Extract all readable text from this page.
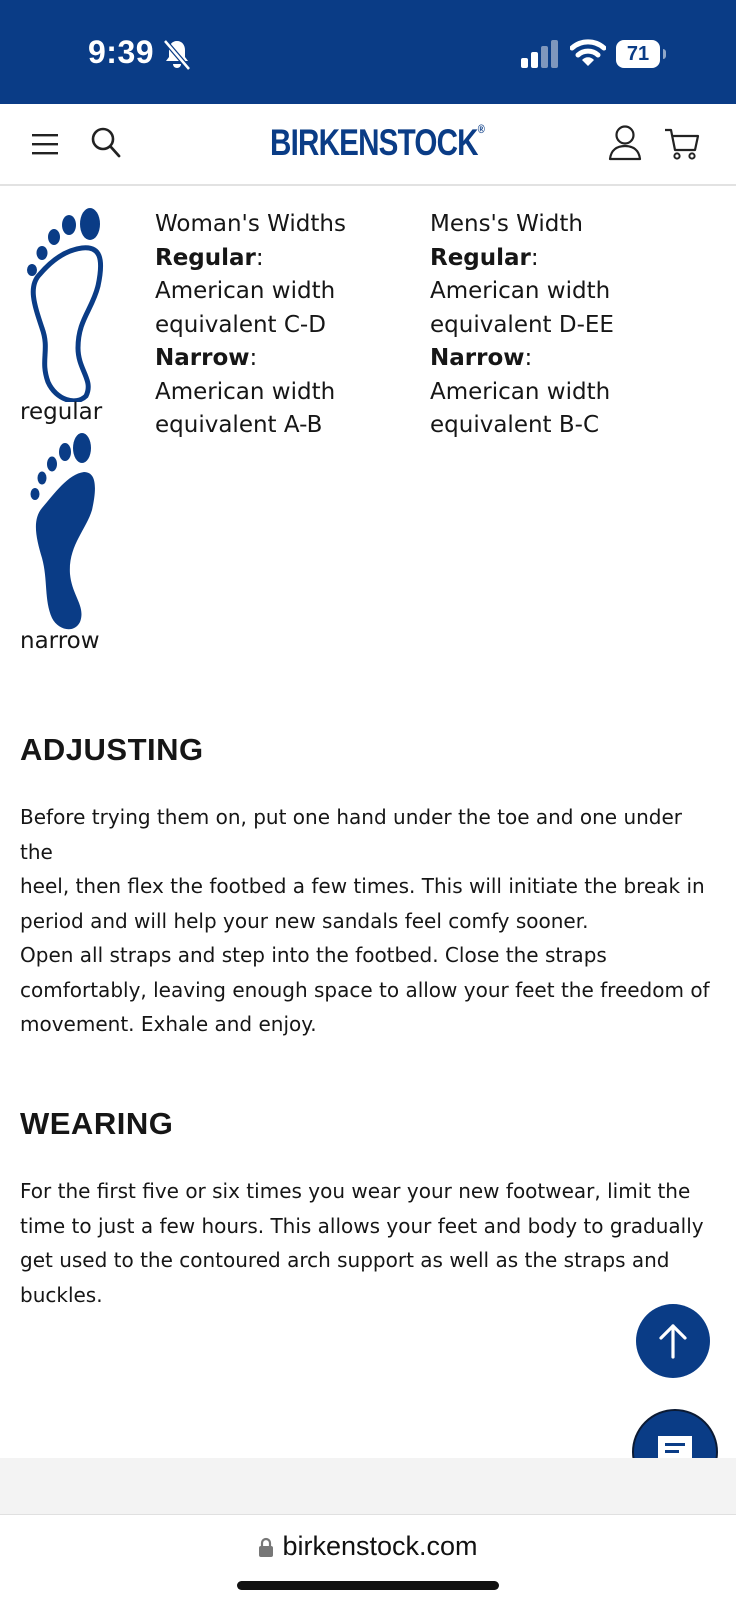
9:39	71
BIRKENSTOCK®
regular
narrow
Woman's Widths
Regular:
American width
equivalent C-D
Narrow:
American width
equivalent A-B
Mens's Width
Regular:
American width
equivalent D-EE
Narrow:
American width
equivalent B-C
ADJUSTING
Before trying them on, put one hand under the toe and one under the
heel, then flex the footbed a few times. This will initiate the break in
period and will help your new sandals feel comfy sooner.
Open all straps and step into the footbed. Close the straps
comfortably, leaving enough space to allow your feet the freedom of
movement. Exhale and enjoy.
WEARING
For the first five or six times you wear your new footwear, limit the
time to just a few hours. This allows your feet and body to gradually
get used to the contoured arch support as well as the straps and
buckles.
birkenstock.com
